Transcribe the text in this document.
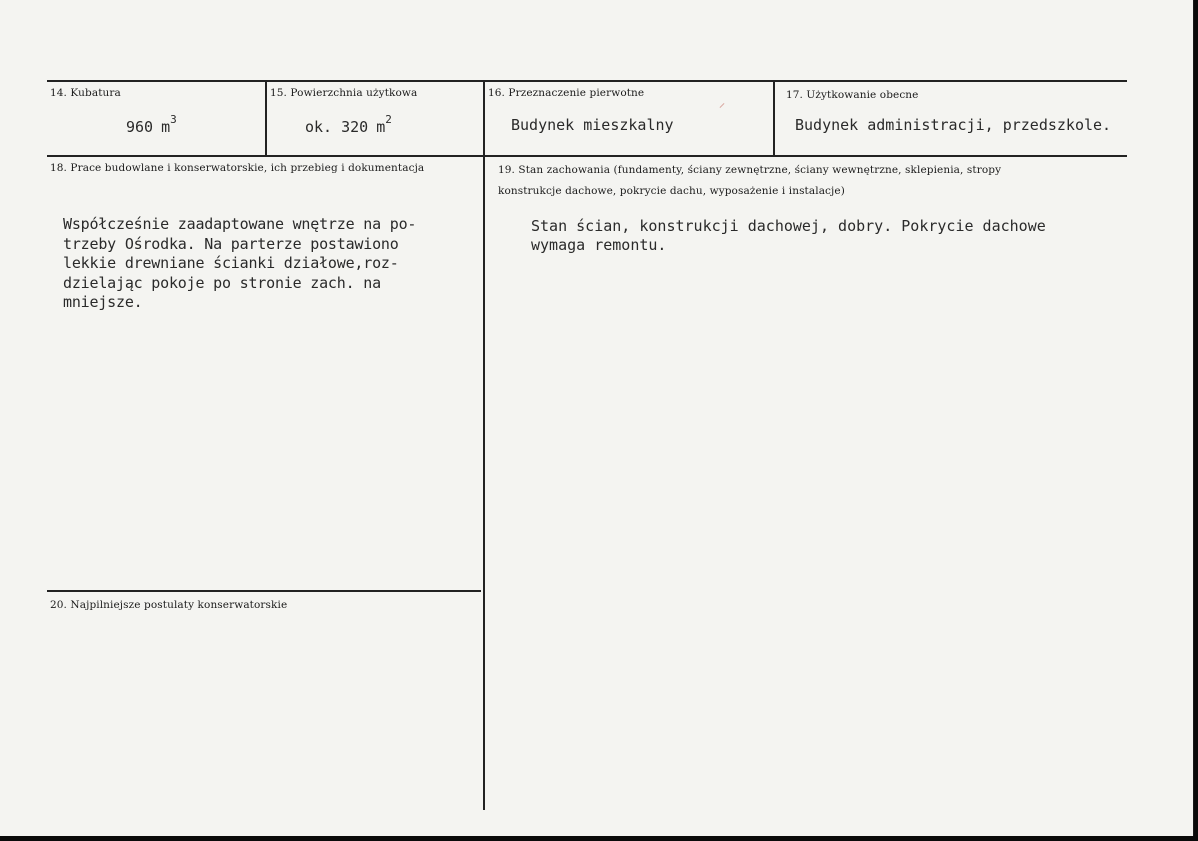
14. Kubatura
960 $m^3$
15. Powierzchnia użytkowa
ok. 320 $m^2$
16. Przeznaczenie pierwotne
Budynek mieszkalny
17. Użytkowanie obecne
Budynek administracji, przedszkole.
18. Prace budowlane i konserwatorskie, ich przebieg i dokumentacja
Współcześnie zaadaptowane wnętrze na po-
trzeby Ośrodka. Na parterze postawiono
lekkie drewniane ścianki działowe,roz-
dzielając pokoje po stronie zach. na
mniejsze.
19. Stan zachowania (fundamenty, ściany zewnętrzne, ściany wewnętrzne, sklepienia, stropy konstrukcje dachowe, pokrycie dachu, wyposażenie i instalacje)
Stan ścian, konstrukcji dachowej, dobry. Pokrycie dachowe
wymaga remontu.
20. Najpilniejsze postulaty konserwatorskie
